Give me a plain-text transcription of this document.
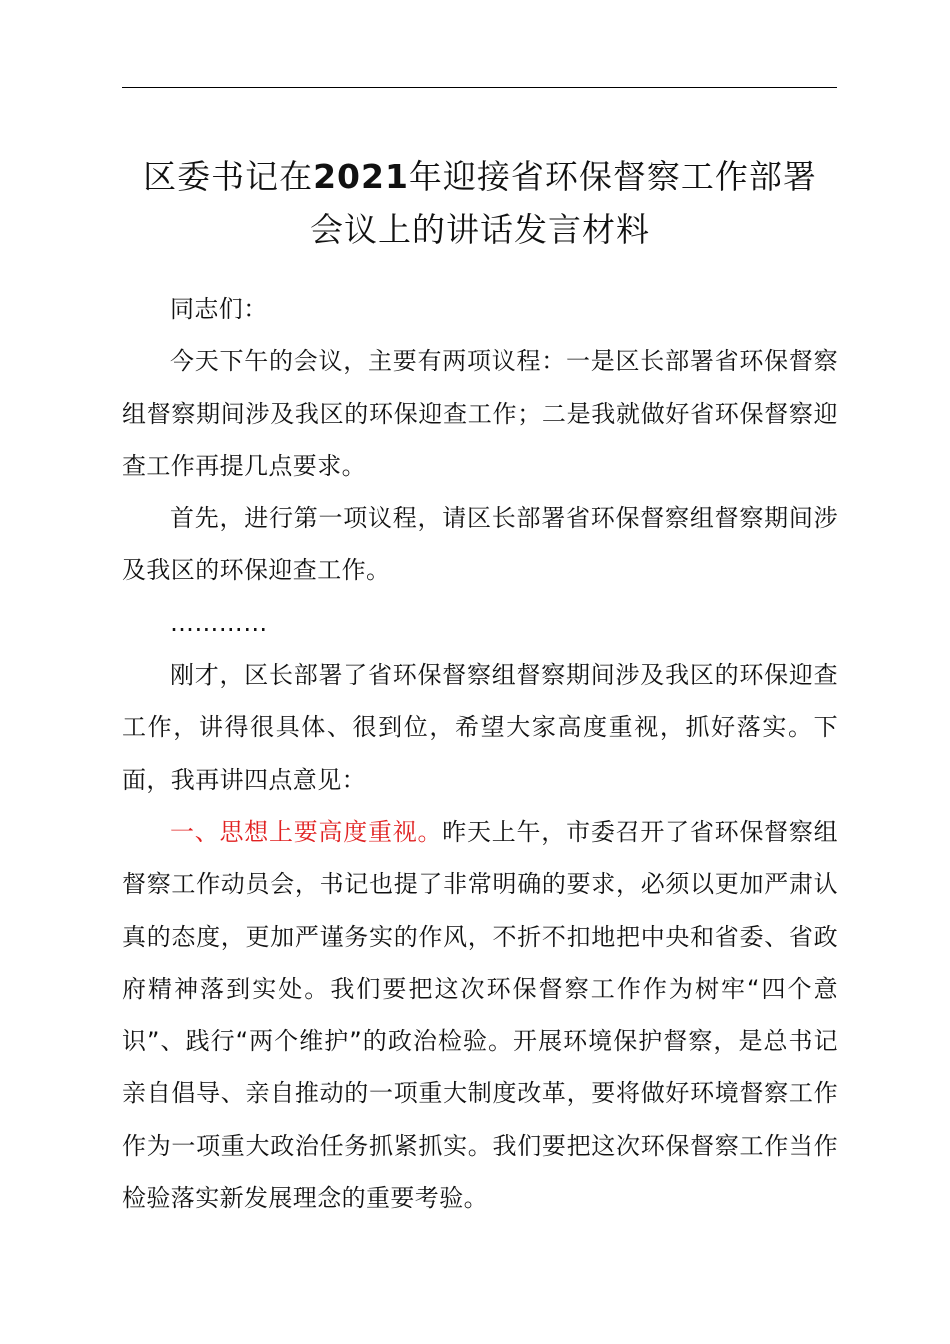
区委书记在2021年迎接省环保督察工作部署
会议上的讲话发言材料

同志们：

今天下午的会议，主要有两项议程：一是区长部署省环保督察组督察期间涉及我区的环保迎查工作；二是我就做好省环保督察迎查工作再提几点要求。

首先，进行第一项议程，请区长部署省环保督察组督察期间涉及我区的环保迎查工作。

…………

刚才，区长部署了省环保督察组督察期间涉及我区的环保迎查工作，讲得很具体、很到位，希望大家高度重视，抓好落实。下面，我再讲四点意见：

一、思想上要高度重视。昨天上午，市委召开了省环保督察组督察工作动员会，书记也提了非常明确的要求，必须以更加严肃认真的态度，更加严谨务实的作风，不折不扣地把中央和省委、省政府精神落到实处。我们要把这次环保督察工作作为树牢“四个意识”、践行“两个维护”的政治检验。开展环境保护督察，是总书记亲自倡导、亲自推动的一项重大制度改革，要将做好环境督察工作作为一项重大政治任务抓紧抓实。我们要把这次环保督察工作当作检验落实新发展理念的重要考验。
